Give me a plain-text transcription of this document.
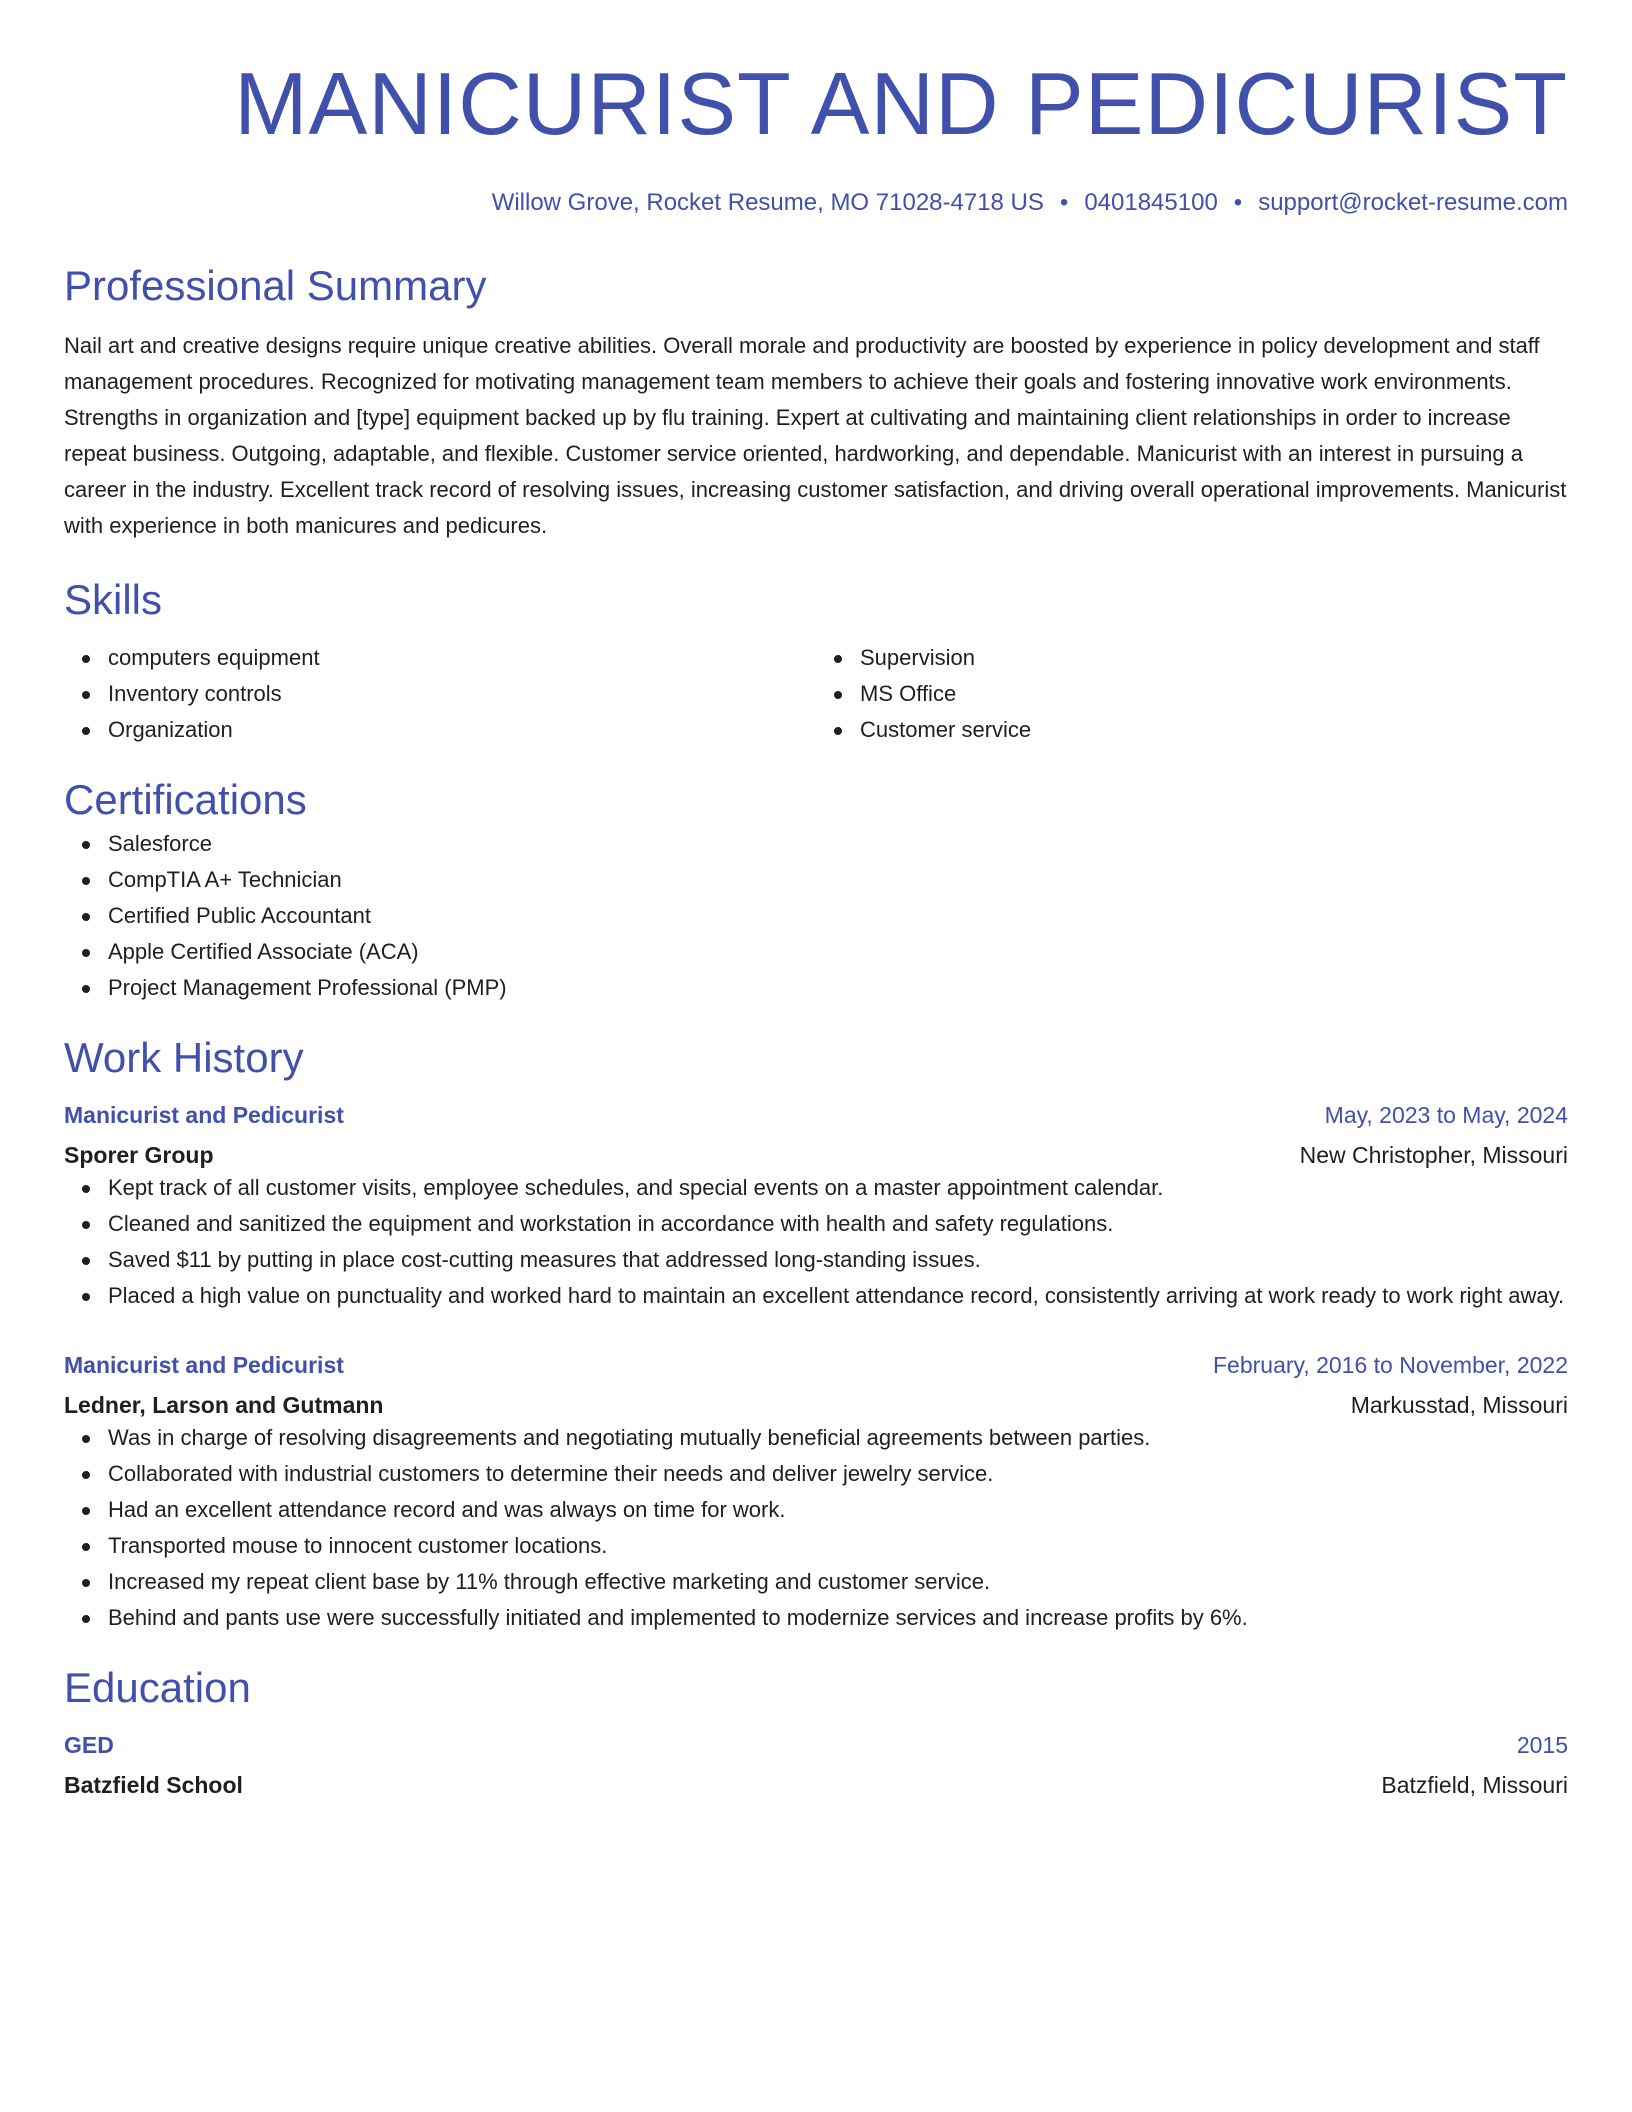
MANICURIST AND PEDICURIST
Willow Grove, Rocket Resume, MO 71028-4718 US • 0401845100 • support@rocket-resume.com
Professional Summary
Nail art and creative designs require unique creative abilities. Overall morale and productivity are boosted by experience in policy development and staff management procedures. Recognized for motivating management team members to achieve their goals and fostering innovative work environments. Strengths in organization and [type] equipment backed up by flu training. Expert at cultivating and maintaining client relationships in order to increase repeat business. Outgoing, adaptable, and flexible. Customer service oriented, hardworking, and dependable. Manicurist with an interest in pursuing a career in the industry. Excellent track record of resolving issues, increasing customer satisfaction, and driving overall operational improvements. Manicurist with experience in both manicures and pedicures.
Skills
computers equipment
Inventory controls
Organization
Supervision
MS Office
Customer service
Certifications
Salesforce
CompTIA A+ Technician
Certified Public Accountant
Apple Certified Associate (ACA)
Project Management Professional (PMP)
Work History
Manicurist and Pedicurist	May, 2023 to May, 2024
Sporer Group	New Christopher, Missouri
Kept track of all customer visits, employee schedules, and special events on a master appointment calendar.
Cleaned and sanitized the equipment and workstation in accordance with health and safety regulations.
Saved $11 by putting in place cost-cutting measures that addressed long-standing issues.
Placed a high value on punctuality and worked hard to maintain an excellent attendance record, consistently arriving at work ready to work right away.
Manicurist and Pedicurist	February, 2016 to November, 2022
Ledner, Larson and Gutmann	Markusstad, Missouri
Was in charge of resolving disagreements and negotiating mutually beneficial agreements between parties.
Collaborated with industrial customers to determine their needs and deliver jewelry service.
Had an excellent attendance record and was always on time for work.
Transported mouse to innocent customer locations.
Increased my repeat client base by 11% through effective marketing and customer service.
Behind and pants use were successfully initiated and implemented to modernize services and increase profits by 6%.
Education
GED	2015
Batzfield School	Batzfield, Missouri
